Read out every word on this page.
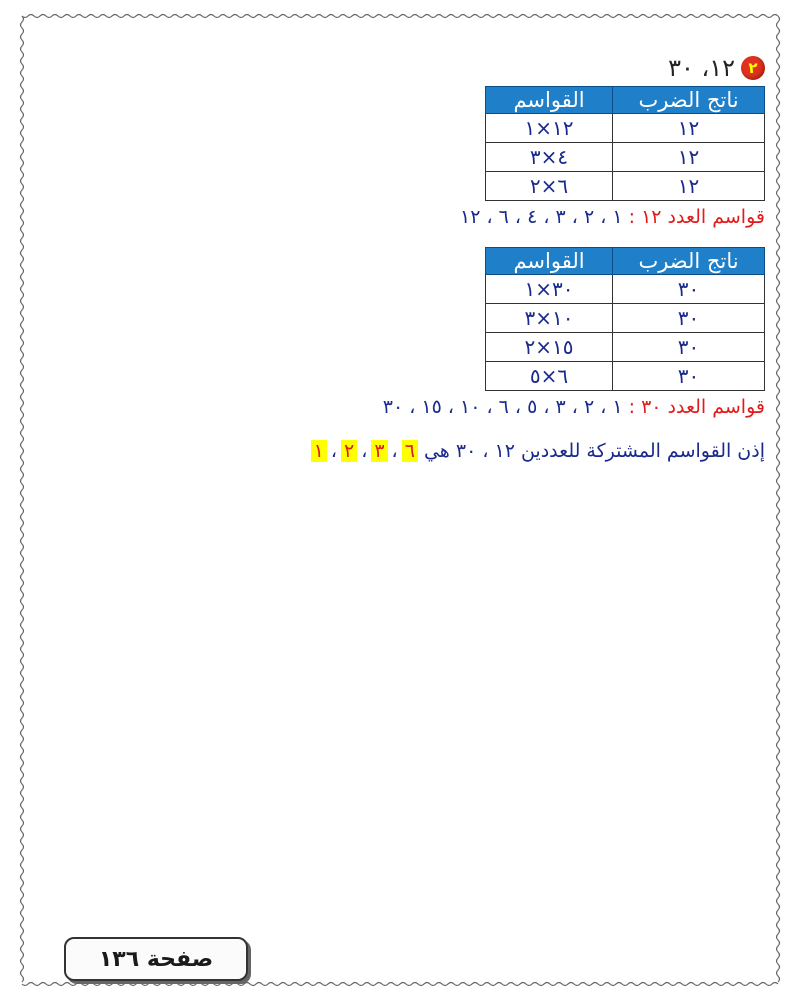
٢
١٢، ٣٠
ناتج الضرب	القواسم
١٢	١٢×١
١٢	٤×٣
١٢	٦×٢
قواسم العدد ١٢ :١ ، ٢ ، ٣ ، ٤ ، ٦ ، ١٢
ناتج الضرب	القواسم
٣٠	٣٠×١
٣٠	١٠×٣
٣٠	١٥×٢
٣٠	٦×٥
قواسم العدد ٣٠ :١ ، ٢ ، ٣ ، ٥ ، ٦ ، ١٠ ، ١٥ ، ٣٠
إذن القواسم المشتركة للعددين ١٢ ، ٣٠ هي ١ ، ٢ ، ٣ ، ٦
صفحة ١٣٦
